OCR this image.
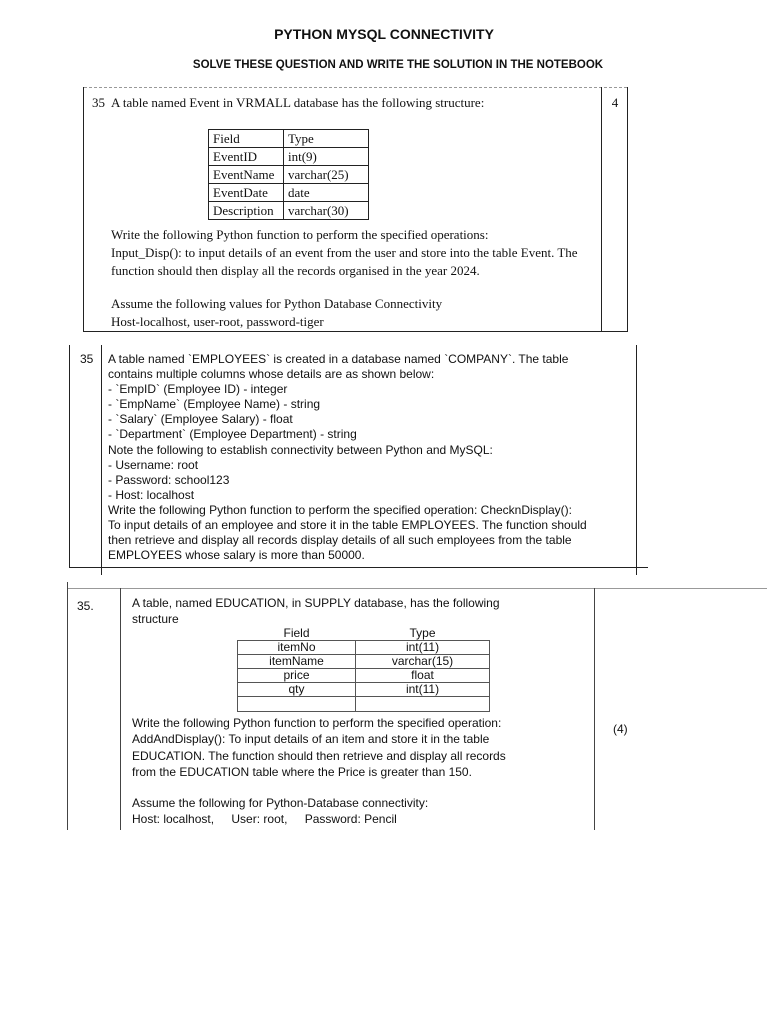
PYTHON MYSQL CONNECTIVITY
SOLVE THESE QUESTION AND WRITE THE SOLUTION IN THE NOTEBOOK
35	4
A table named Event in VRMALL database has the following structure:
Field	Type
EventID	int(9)
EventName	varchar(25)
EventDate	date
Description	varchar(30)
Write the following Python function to perform the specified operations:
Input_Disp(): to input details of an event from the user and store into the table Event. The
function should then display all the records organised in the year 2024.
Assume the following values for Python Database Connectivity
Host-localhost, user-root, password-tiger
35 A table named `EMPLOYEES` is created in a database named `COMPANY`. The table
contains multiple columns whose details are as shown below:
- `EmpID` (Employee ID) - integer
- `EmpName` (Employee Name) - string
- `Salary` (Employee Salary) - float
- `Department` (Employee Department) - string
Note the following to establish connectivity between Python and MySQL:
- Username: root
- Password: school123
- Host: localhost
Write the following Python function to perform the specified operation: ChecknDisplay():
To input details of an employee and store it in the table EMPLOYEES. The function should
then retrieve and display all records display details of all such employees from the table
EMPLOYEES whose salary is more than 50000.
35.
(4)
A table, named EDUCATION, in SUPPLY database, has the following
structure
Field	Type
itemNo	int(11)
itemName	varchar(15)
price	float
qty	int(11)

Write the following Python function to perform the specified operation:
AddAndDisplay(): To input details of an item and store it in the table
EDUCATION. The function should then retrieve and display all records
from the EDUCATION table where the Price is greater than 150.
Assume the following for Python-Database connectivity:
Host: localhost, User: root, Password: Pencil
